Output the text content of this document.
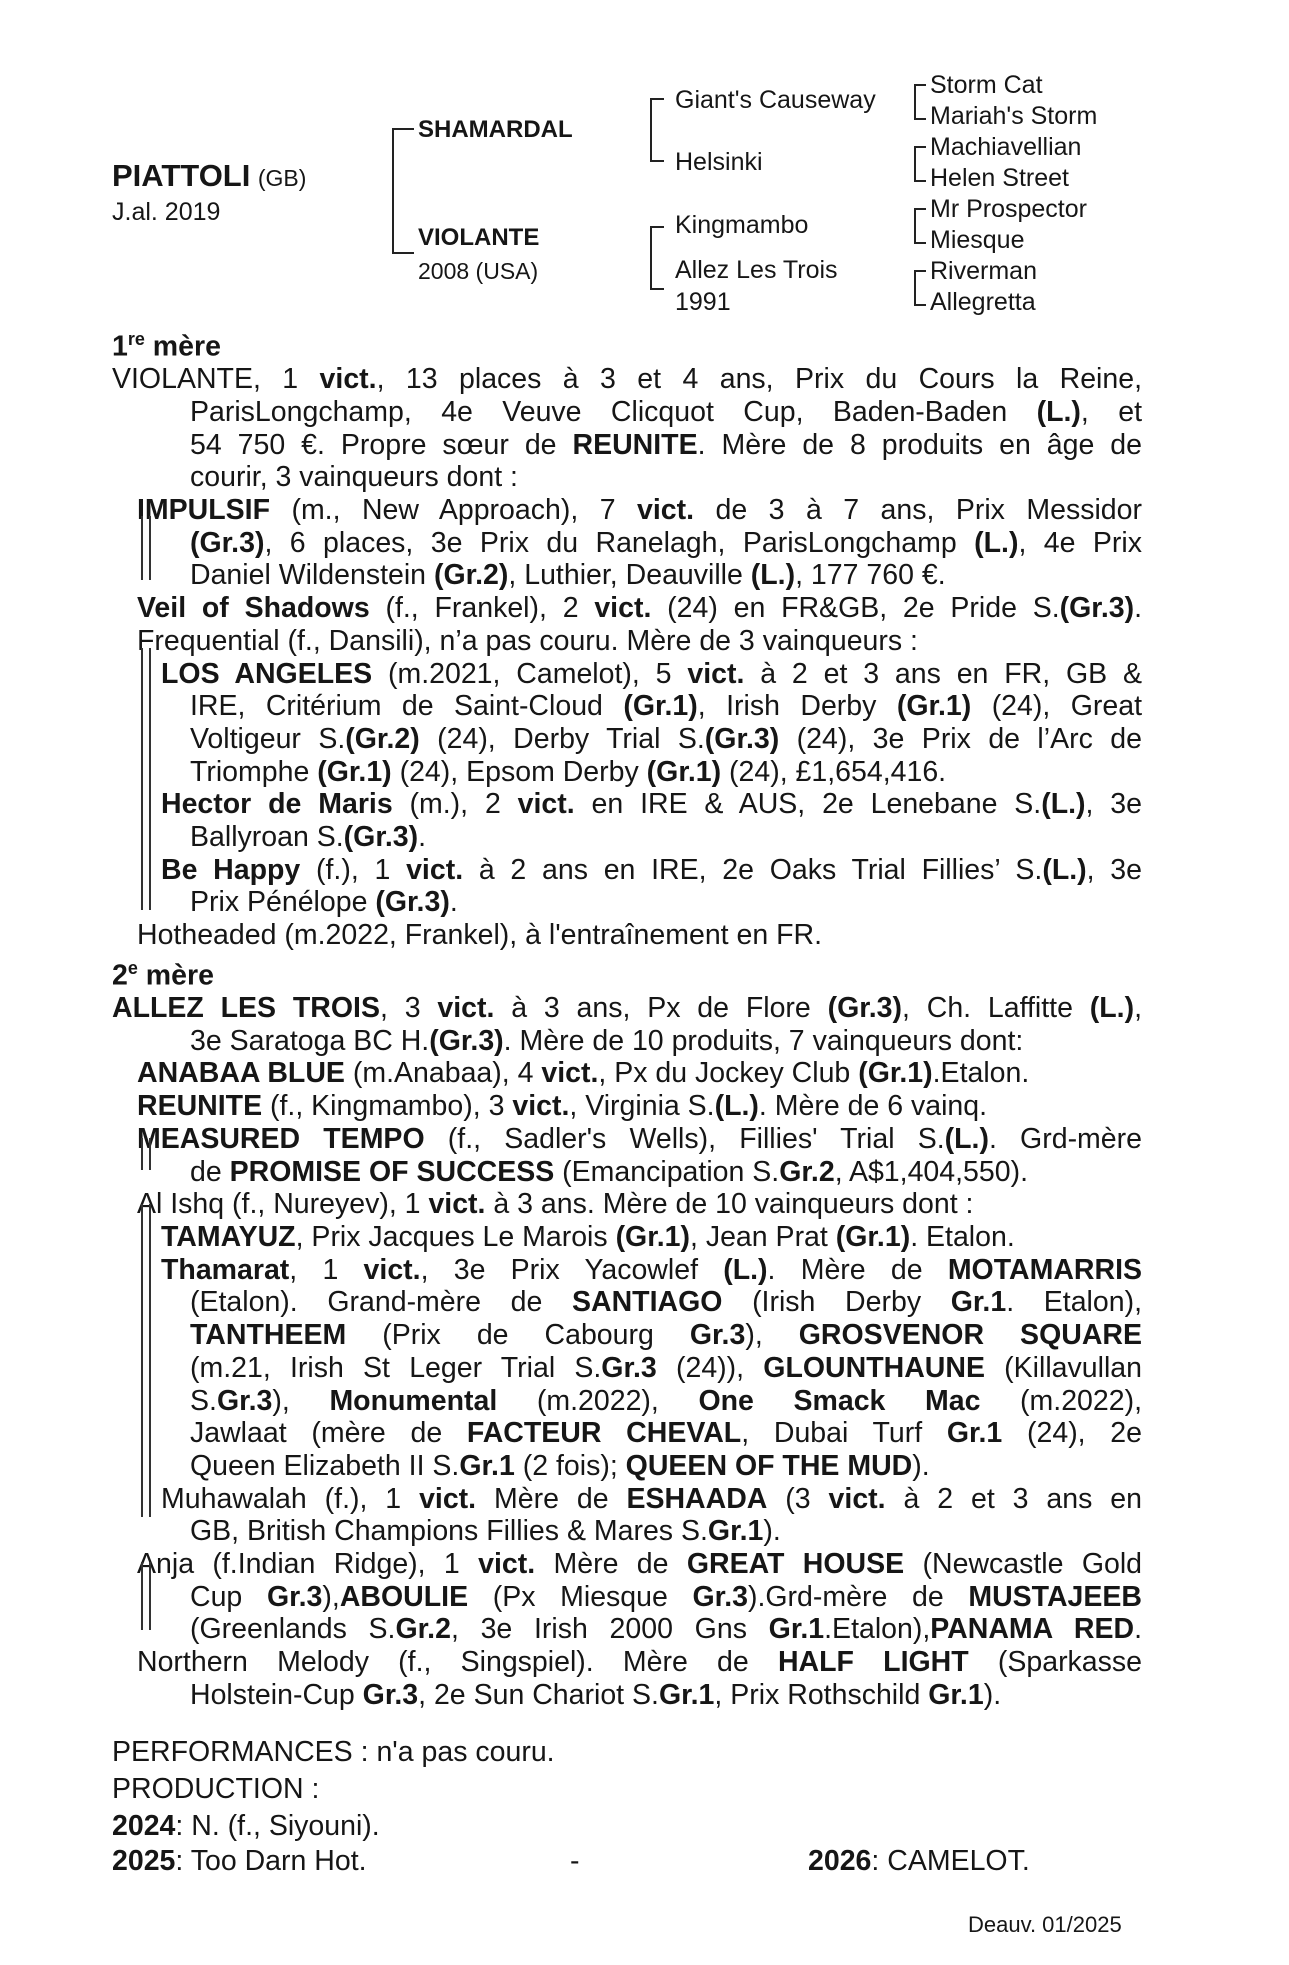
PIATTOLI (GB)
J.al. 2019
SHAMARDAL
VIOLANTE
2008 (USA)
Giant's Causeway
Helsinki
Kingmambo
Allez Les Trois
1991
Storm Cat
Mariah's Storm
Machiavellian
Helen Street
Mr Prospector
Miesque
Riverman
Allegretta

1re mère

VIOLANTE, 1 vict., 13 places à 3 et 4 ans, Prix du Cours la Reine,

ParisLongchamp, 4e Veuve Clicquot Cup, Baden-Baden (L.), et

54 750 €. Propre sœur de REUNITE. Mère de 8 produits en âge de

courir, 3 vainqueurs dont :

IMPULSIF (m., New Approach), 7 vict. de 3 à 7 ans, Prix Messidor

(Gr.3), 6 places, 3e Prix du Ranelagh, ParisLongchamp (L.), 4e Prix

Daniel Wildenstein (Gr.2), Luthier, Deauville (L.), 177 760 €.

Veil of Shadows (f., Frankel), 2 vict. (24) en FR&GB, 2e Pride S.(Gr.3).

Frequential (f., Dansili), n’a pas couru. Mère de 3 vainqueurs :

LOS ANGELES (m.2021, Camelot), 5 vict. à 2 et 3 ans en FR, GB &

IRE, Critérium de Saint-Cloud (Gr.1), Irish Derby (Gr.1) (24), Great

Voltigeur S.(Gr.2) (24), Derby Trial S.(Gr.3) (24), 3e Prix de l’Arc de

Triomphe (Gr.1) (24), Epsom Derby (Gr.1) (24), £1,654,416.

Hector de Maris (m.), 2 vict. en IRE & AUS, 2e Lenebane S.(L.), 3e

Ballyroan S.(Gr.3).

Be Happy (f.), 1 vict. à 2 ans en IRE, 2e Oaks Trial Fillies’ S.(L.), 3e

Prix Pénélope (Gr.3).

Hotheaded (m.2022, Frankel), à l'entraînement en FR.

2e mère

ALLEZ LES TROIS, 3 vict. à 3 ans, Px de Flore (Gr.3), Ch. Laffitte (L.),

3e Saratoga BC H.(Gr.3). Mère de 10 produits, 7 vainqueurs dont:

ANABAA BLUE (m.Anabaa), 4 vict., Px du Jockey Club (Gr.1).Etalon.

REUNITE (f., Kingmambo), 3 vict., Virginia S.(L.). Mère de 6 vainq.

MEASURED TEMPO (f., Sadler's Wells), Fillies' Trial S.(L.). Grd-mère

de PROMISE OF SUCCESS (Emancipation S.Gr.2, A$1,404,550).

Al Ishq (f., Nureyev), 1 vict. à 3 ans. Mère de 10 vainqueurs dont :

TAMAYUZ, Prix Jacques Le Marois (Gr.1), Jean Prat (Gr.1). Etalon.

Thamarat, 1 vict., 3e Prix Yacowlef (L.). Mère de MOTAMARRIS

(Etalon). Grand-mère de SANTIAGO (Irish Derby Gr.1. Etalon),

TANTHEEM (Prix de Cabourg Gr.3), GROSVENOR SQUARE

(m.21, Irish St Leger Trial S.Gr.3 (24)), GLOUNTHAUNE (Killavullan

S.Gr.3), Monumental (m.2022), One Smack Mac (m.2022),

Jawlaat (mère de FACTEUR CHEVAL, Dubai Turf Gr.1 (24), 2e

Queen Elizabeth II S.Gr.1 (2 fois); QUEEN OF THE MUD).

Muhawalah (f.), 1 vict. Mère de ESHAADA (3 vict. à 2 et 3 ans en

GB, British Champions Fillies & Mares S.Gr.1).

Anja (f.Indian Ridge), 1 vict. Mère de GREAT HOUSE (Newcastle Gold

Cup Gr.3),ABOULIE (Px Miesque Gr.3).Grd-mère de MUSTAJEEB

(Greenlands S.Gr.2, 3e Irish 2000 Gns Gr.1.Etalon),PANAMA RED.

Northern Melody (f., Singspiel). Mère de HALF LIGHT (Sparkasse

Holstein-Cup Gr.3, 2e Sun Chariot S.Gr.1, Prix Rothschild Gr.1).

PERFORMANCES : n'a pas couru.
PRODUCTION :
2024: N. (f., Siyouni).
2025: Too Darn Hot.	-	2026: CAMELOT.
Deauv. 01/2025
